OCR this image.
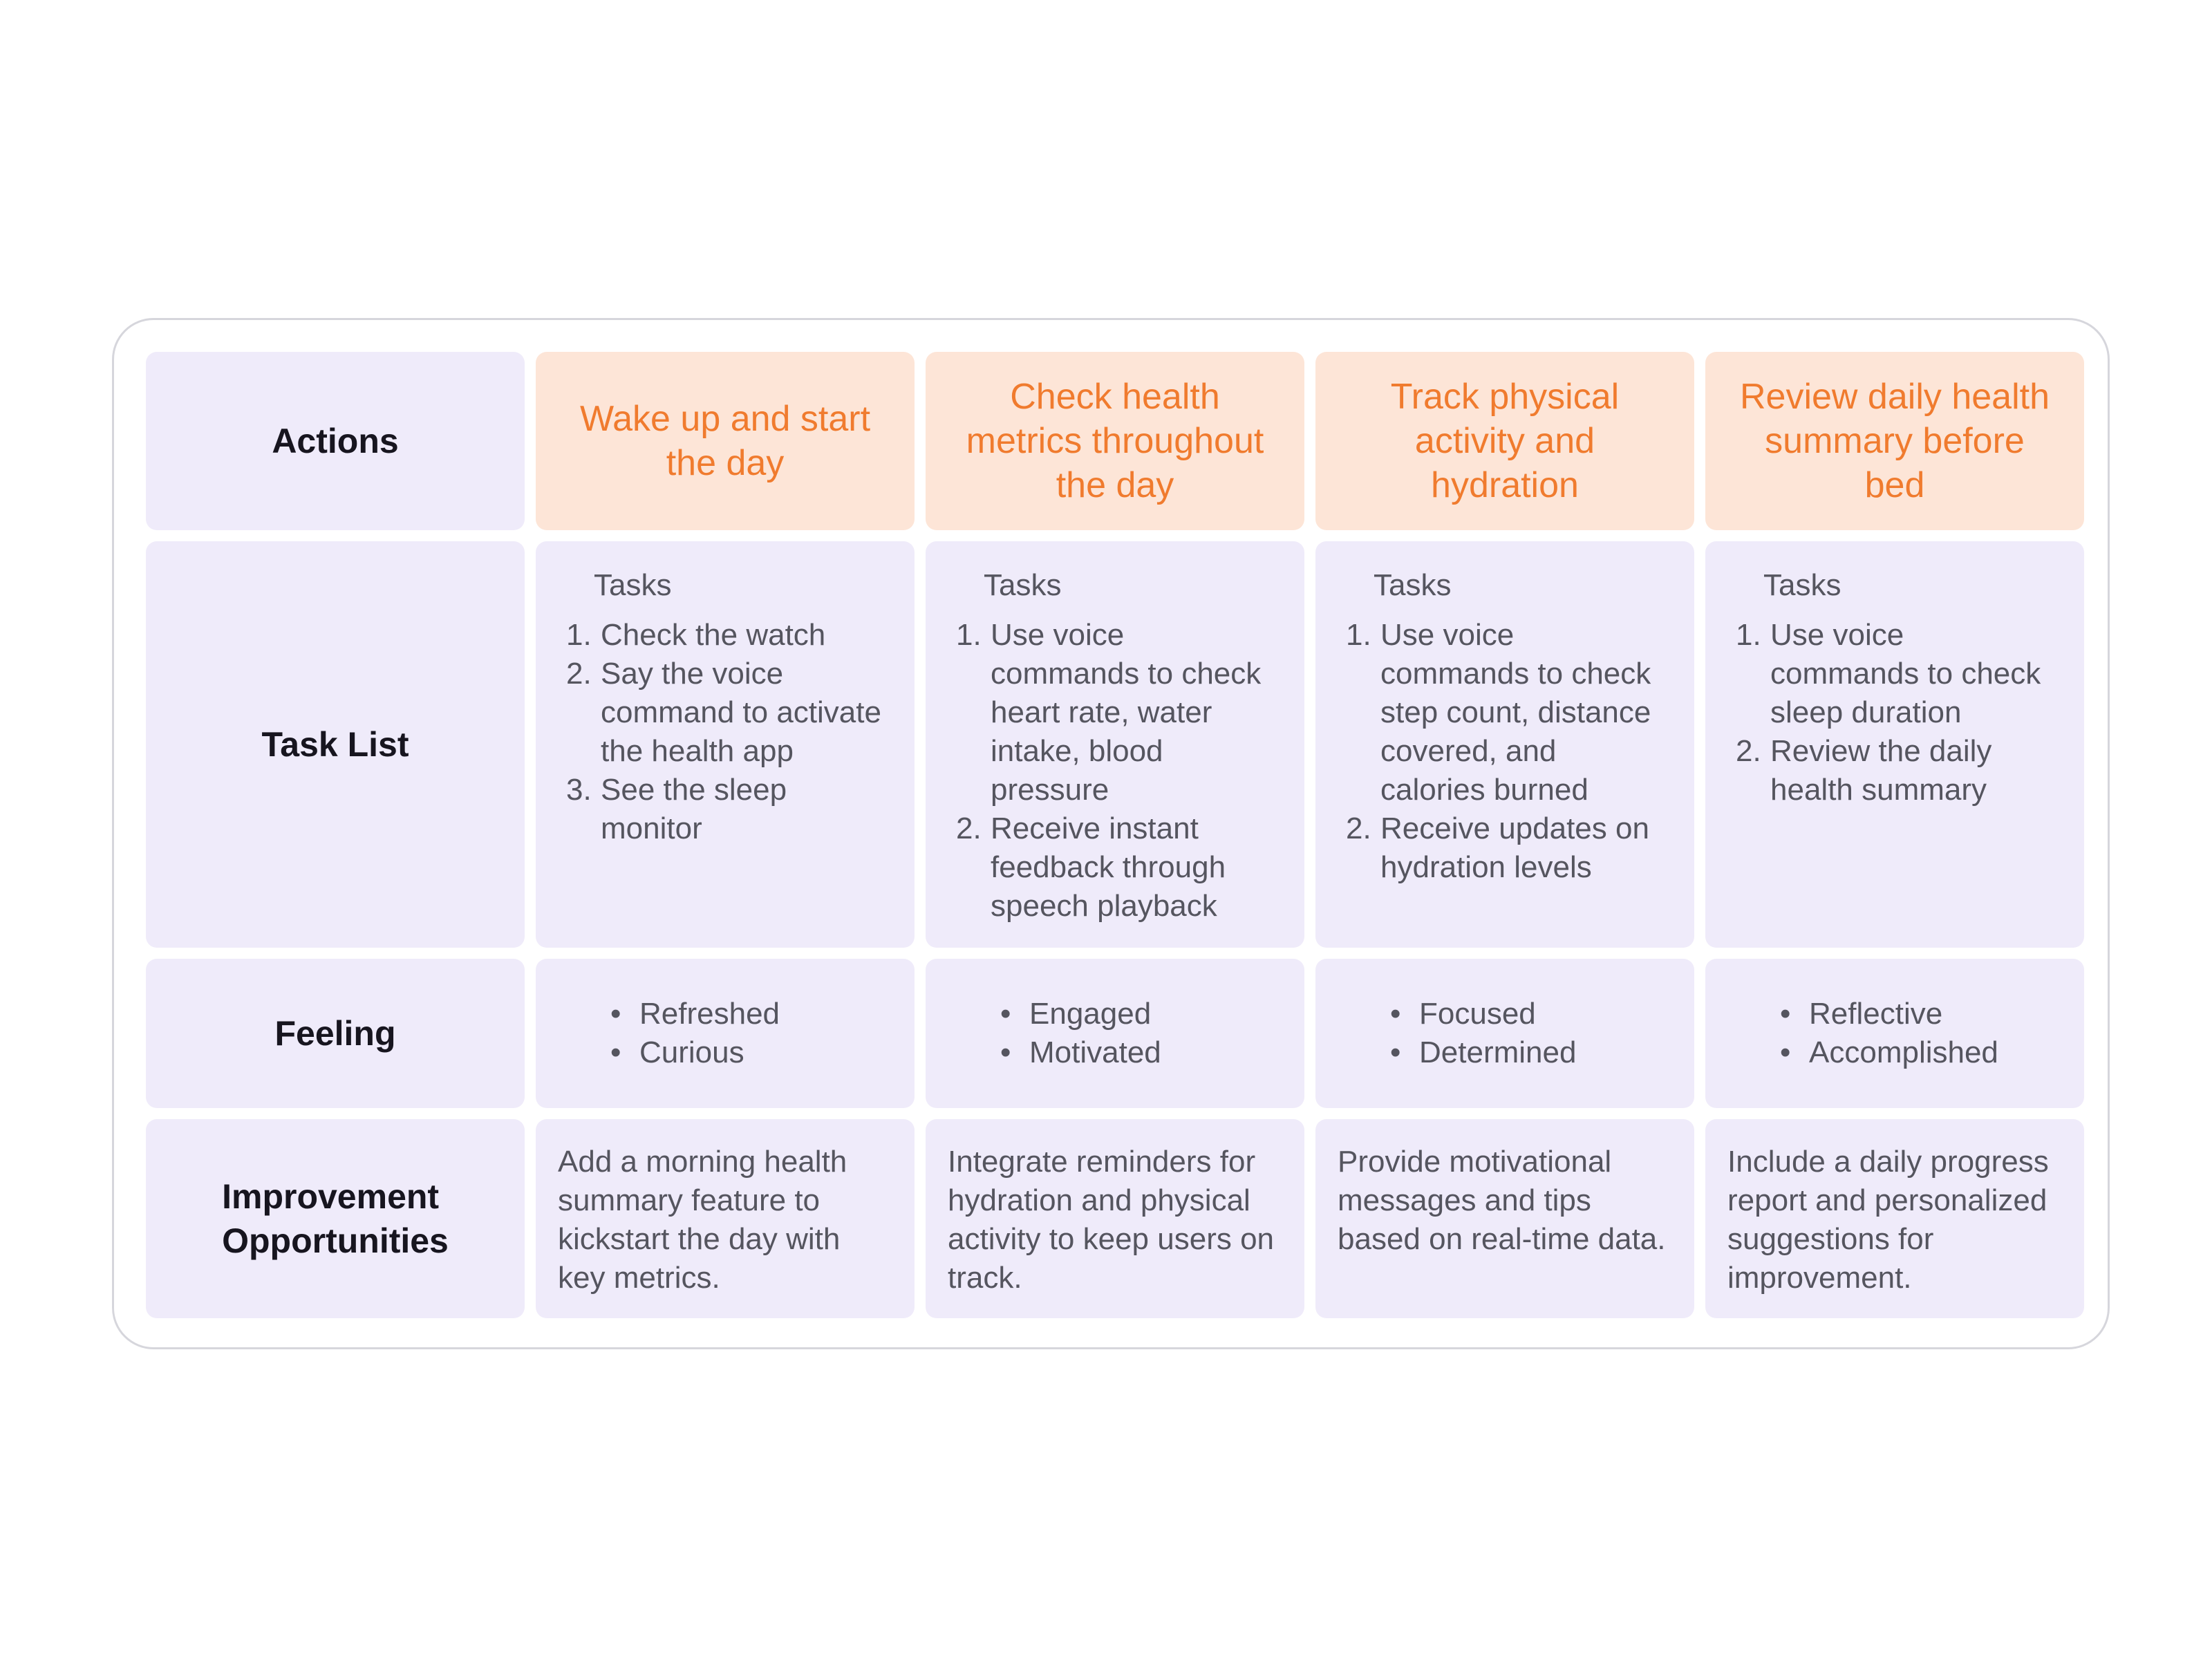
Actions
Wake up and start the day
Check health metrics throughout the day
Track physical activity and hydration
Review daily health summary before bed
Task List
Tasks
1. Check the watch
2. Say the voice command to activate the health app
3. See the sleep monitor
Tasks
1. Use voice commands to check heart rate, water intake, blood pressure
2. Receive instant feedback through speech playback
Tasks
1. Use voice commands to check step count, distance covered, and calories burned
2. Receive updates on hydration levels
Tasks
1. Use voice commands to check sleep duration
2. Review the daily health summary
Feeling
• Refreshed
• Curious
• Engaged
• Motivated
• Focused
• Determined
• Reflective
• Accomplished
Improvement
Opportunities
Add a morning health summary feature to kickstart the day with key metrics.
Integrate reminders for hydration and physical activity to keep users on track.
Provide motivational messages and tips based on real-time data.
Include a daily progress report and personalized suggestions for improvement.
